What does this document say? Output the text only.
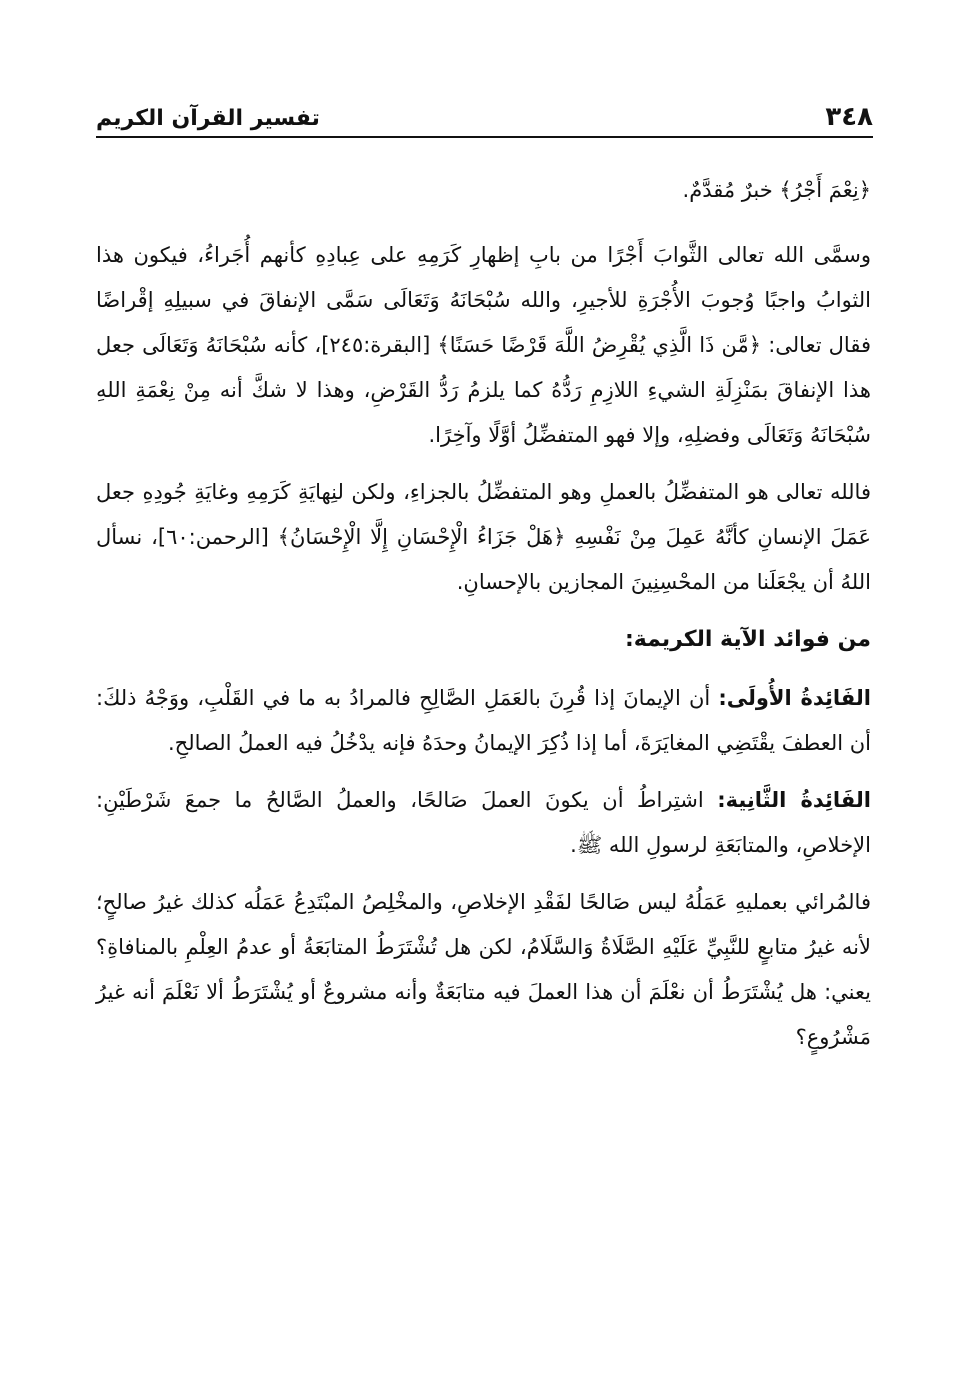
٣٤٨
تفسير القرآن الكريم

﴿نِعْمَ أَجْرُ﴾ خبرٌ مُقدَّمٌ.

وسمَّى الله تعالى الثَّوابَ أَجْرًا من بابِ إظهارِ كَرَمِهِ على عِبادِهِ كأنهم أُجَراءُ، فيكون هذا الثوابُ واجبًا وُجوبَ الأُجْرَةِ للأجيرِ، والله سُبْحَانَهُ وَتَعَالَى سَمَّى الإنفاقَ في سبيلِهِ إقْراضًا فقال تعالى: ﴿مَّن ذَا الَّذِي يُقْرِضُ اللَّهَ قَرْضًا حَسَنًا﴾ [البقرة:٢٤٥]، كأنه سُبْحَانَهُ وَتَعَالَى جعل هذا الإنفاقَ بمَنْزِلَةِ الشيءِ اللازِمِ رَدُّهُ كما يلزمُ رَدُّ القَرْضِ، وهذا لا شكَّ أنه مِنْ نِعْمَةِ اللهِ سُبْحَانَهُ وَتَعَالَى وفضلِهِ، وإلا فهو المتفضِّلُ أوَّلًا وآخِرًا.

فالله تعالى هو المتفضِّلُ بالعملِ وهو المتفضِّلُ بالجزاءِ، ولكن لنِهايَةِ كَرَمِهِ وغايَةِ جُودِهِ جعل عَمَلَ الإنسانِ كأنَّهُ عَمِلَ مِنْ نَفْسِهِ ﴿هَلْ جَزَاءُ الْإِحْسَانِ إِلَّا الْإِحْسَانُ﴾ [الرحمن:٦٠]، نسأل اللهُ أن يجْعَلَنا من المحْسِنِينَ المجازين بالإحسانِ.

من فوائد الآية الكريمة:

الفَائِدةُ الأُولَى: أن الإيمانَ إذا قُرِنَ بالعَمَلِ الصَّالِحِ فالمرادُ به ما في القَلْبِ، ووَجْهُ ذلكَ: أن العطفَ يقْتَضِي المغايَرَةَ، أما إذا ذُكِرَ الإيمانُ وحدَهُ فإنه يدْخُلُ فيه العملُ الصالحِ.

الفَائِدةُ الثَّانِية: اشتِراطُ أن يكونَ العملَ صَالحًا، والعملُ الصَّالحُ ما جمعَ شَرْطَيْنِ: الإخلاصِ، والمتابَعَةِ لرسولِ الله ﷺ.

فالمُرائي بعمليهِ عَمَلُهُ ليس صَالحًا لفَقْدِ الإخلاصِ، والمخْلِصُ المبْتَدِعُ عَمَلُه كذلك غيرُ صالحٍ؛ لأنه غيرُ متابعٍ للنَّبِيِّ عَلَيْهِ الصَّلَاةُ وَالسَّلَامُ، لكن هل تُشْتَرَطُ المتابَعَةُ أو عدمُ العِلْمِ بالمنافاةِ؟ يعني: هل يُشْتَرَطُ أن نعْلَمَ أن هذا العملَ فيه متابَعَةٌ وأنه مشروعٌ أو يُشْتَرَطُ ألا نَعْلَمَ أنه غيرُ مَشْرُوعٍ؟
